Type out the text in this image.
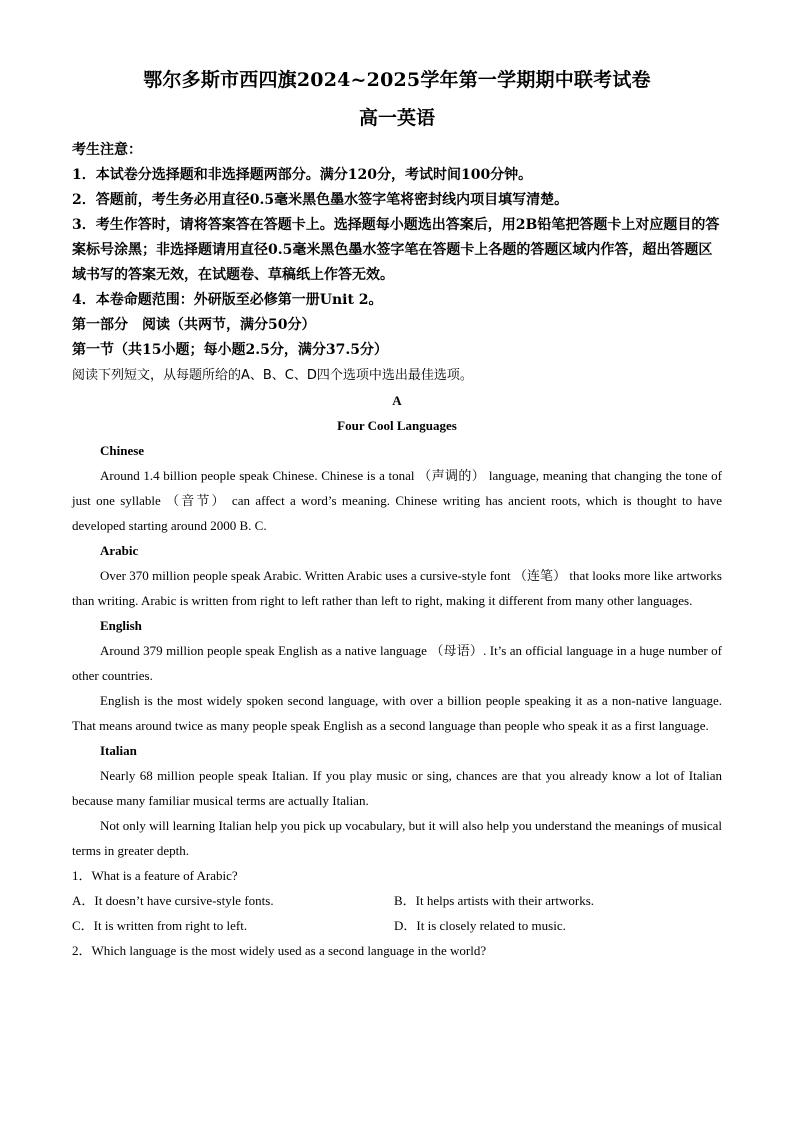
鄂尔多斯市西四旗2024~2025学年第一学期期中联考试卷

高一英语

考生注意：

1．本试卷分选择题和非选择题两部分。满分120分，考试时间100分钟。

2．答题前，考生务必用直径0.5毫米黑色墨水签字笔将密封线内项目填写清楚。

3．考生作答时，请将答案答在答题卡上。选择题每小题选出答案后，用2B铅笔把答题卡上对应题目的答案标号涂黑；非选择题请用直径0.5毫米黑色墨水签字笔在答题卡上各题的答题区域内作答，超出答题区域书写的答案无效，在试题卷、草稿纸上作答无效。

4．本卷命题范围：外研版至必修第一册Unit 2。

第一部分　阅读（共两节，满分50分）

第一节（共15小题；每小题2.5分，满分37.5分）

阅读下列短文，从每题所给的A、B、C、D四个选项中选出最佳选项。

A

Four Cool Languages

Chinese

Around 1.4 billion people speak Chinese. Chinese is a tonal （声调的） language, meaning that changing the tone of just one syllable （音节） can affect a word’s meaning. Chinese writing has ancient roots, which is thought to have developed starting around 2000 B. C.

Arabic

Over 370 million people speak Arabic. Written Arabic uses a cursive-style font （连笔） that looks more like artworks than writing. Arabic is written from right to left rather than left to right, making it different from many other languages.

English

Around 379 million people speak English as a native language （母语）. It’s an official language in a huge number of other countries.

English is the most widely spoken second language, with over a billion people speaking it as a non-native language. That means around twice as many people speak English as a second language than people who speak it as a first language.

Italian

Nearly 68 million people speak Italian. If you play music or sing, chances are that you already know a lot of Italian because many familiar musical terms are actually Italian.

Not only will learning Italian help you pick up vocabulary, but it will also help you understand the meanings of musical terms in greater depth.

1．What is a feature of Arabic?

A．It doesn’t have cursive-style fonts.	B．It helps artists with their artworks.
C．It is written from right to left.	D．It is closely related to music.

2．Which language is the most widely used as a second language in the world?
